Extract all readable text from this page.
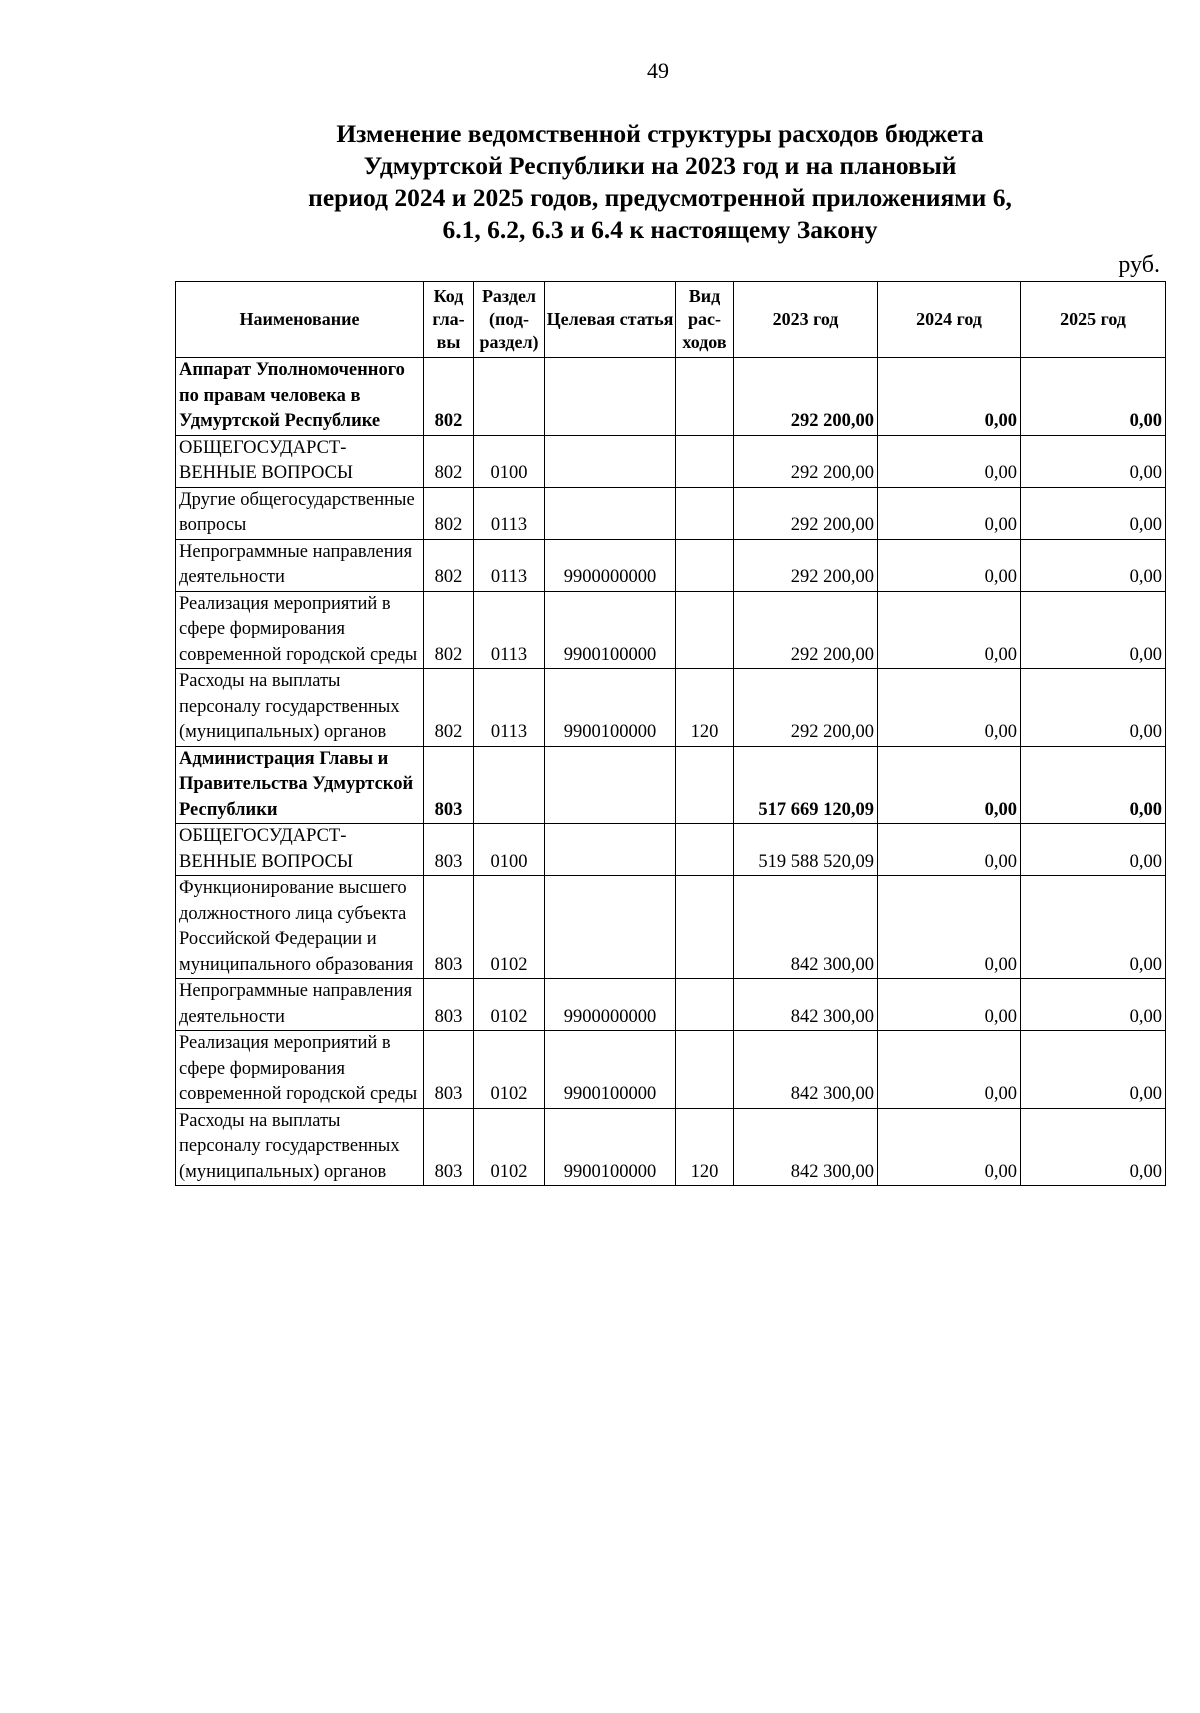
49
Изменение ведомственной структуры расходов бюджета
Удмуртской Республики на 2023 год и на плановый
период 2024 и 2025 годов, предусмотренной приложениями 6,
6.1, 6.2, 6.3 и 6.4 к настоящему Закону
руб.
Наименование	Код гла-вы	Раздел (под-раздел)	Целевая статья	Вид рас-ходов	2023 год	2024 год	2025 год
Аппарат Уполномоченного по правам человека в Удмуртской Республике	802				292 200,00	0,00	0,00
ОБЩЕГОСУДАРСТ-ВЕННЫЕ ВОПРОСЫ	802	0100			292 200,00	0,00	0,00
Другие общегосударственные вопросы	802	0113			292 200,00	0,00	0,00
Непрограммные направления деятельности	802	0113	9900000000		292 200,00	0,00	0,00
Реализация мероприятий в сфере формирования современной городской среды	802	0113	9900100000		292 200,00	0,00	0,00
Расходы на выплаты персоналу государственных (муниципальных) органов	802	0113	9900100000	120	292 200,00	0,00	0,00
Администрация Главы и Правительства Удмуртской Республики	803				517 669 120,09	0,00	0,00
ОБЩЕГОСУДАРСТ-ВЕННЫЕ ВОПРОСЫ	803	0100			519 588 520,09	0,00	0,00
Функционирование высшего должностного лица субъекта Российской Федерации и муниципального образования	803	0102			842 300,00	0,00	0,00
Непрограммные направления деятельности	803	0102	9900000000		842 300,00	0,00	0,00
Реализация мероприятий в сфере формирования современной городской среды	803	0102	9900100000		842 300,00	0,00	0,00
Расходы на выплаты персоналу государственных (муниципальных) органов	803	0102	9900100000	120	842 300,00	0,00	0,00
